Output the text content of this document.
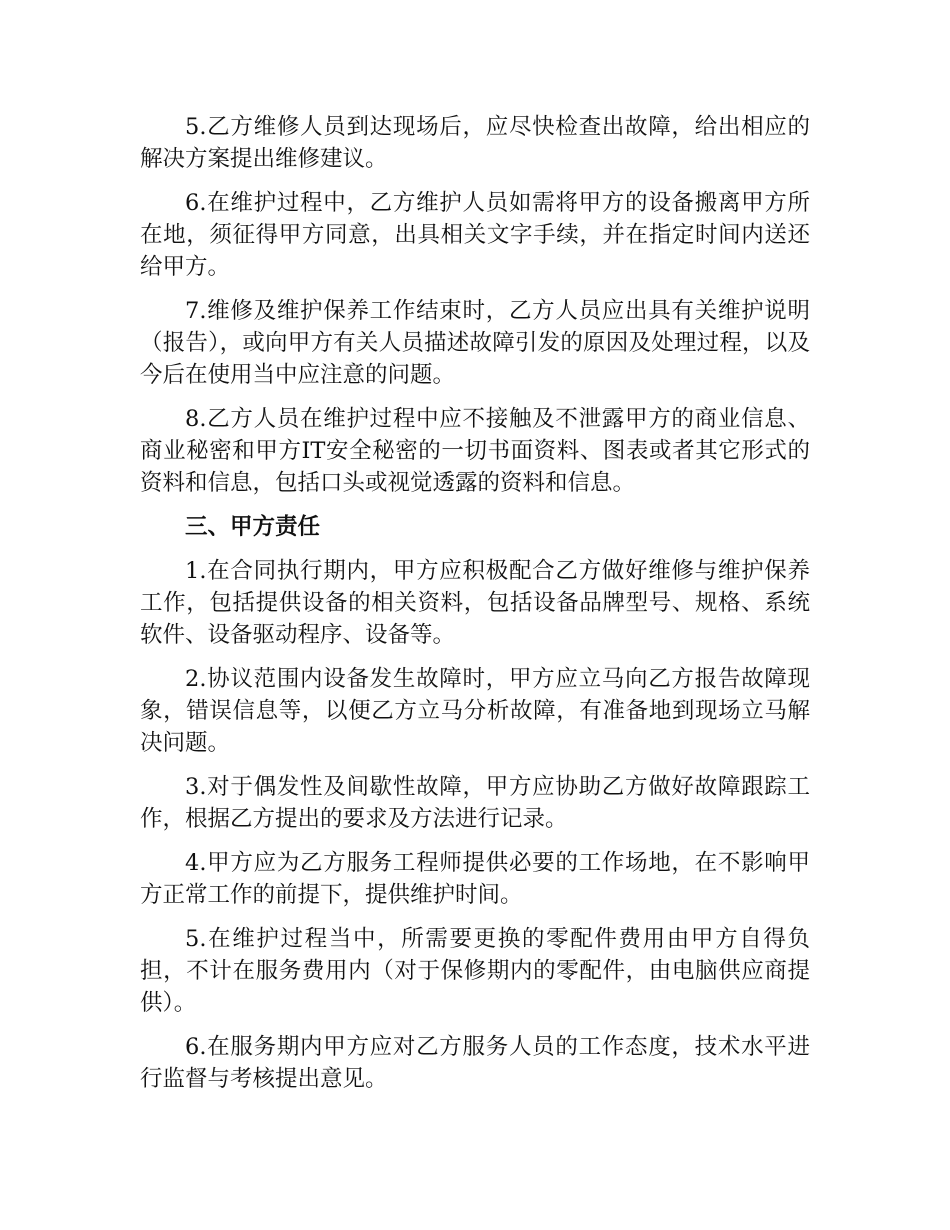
5.乙方维修人员到达现场后，应尽快检查出故障，给出相应的解决方案提出维修建议。

6.在维护过程中，乙方维护人员如需将甲方的设备搬离甲方所在地，须征得甲方同意，出具相关文字手续，并在指定时间内送还给甲方。

7.维修及维护保养工作结束时，乙方人员应出具有关维护说明（报告），或向甲方有关人员描述故障引发的原因及处理过程，以及今后在使用当中应注意的问题。

8.乙方人员在维护过程中应不接触及不泄露甲方的商业信息、商业秘密和甲方IT安全秘密的一切书面资料、图表或者其它形式的资料和信息，包括口头或视觉透露的资料和信息。

三、甲方责任

1.在合同执行期内，甲方应积极配合乙方做好维修与维护保养工作，包括提供设备的相关资料，包括设备品牌型号、规格、系统软件、设备驱动程序、设备等。

2.协议范围内设备发生故障时，甲方应立马向乙方报告故障现象，错误信息等，以便乙方立马分析故障，有准备地到现场立马解决问题。

3.对于偶发性及间歇性故障，甲方应协助乙方做好故障跟踪工作，根据乙方提出的要求及方法进行记录。

4.甲方应为乙方服务工程师提供必要的工作场地，在不影响甲方正常工作的前提下，提供维护时间。

5.在维护过程当中，所需要更换的零配件费用由甲方自得负担，不计在服务费用内（对于保修期内的零配件，由电脑供应商提供）。

6.在服务期内甲方应对乙方服务人员的工作态度，技术水平进行监督与考核提出意见。
